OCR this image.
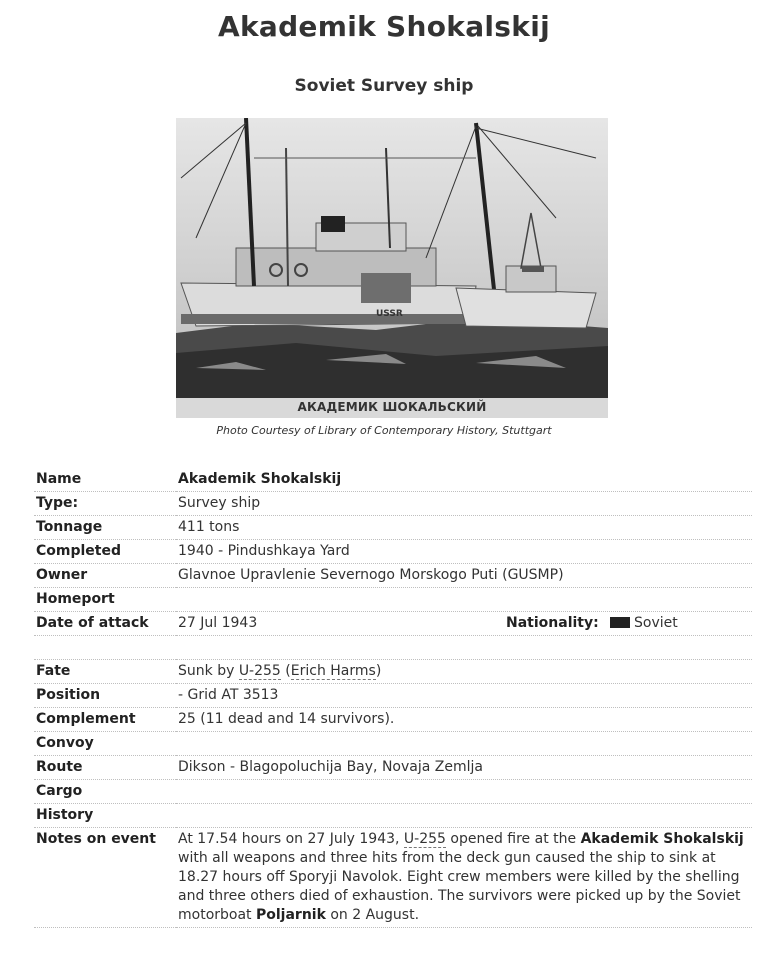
Akademik Shokalskij
Soviet Survey ship
USSR
АКАДЕМИК ШОКАЛЬСКИЙ
Photo Courtesy of Library of Contemporary History, Stuttgart
Name	Akademik Shokalskij
Type:	Survey ship
Tonnage	411 tons
Completed	1940 - Pindushkaya Yard
Owner	Glavnoe Upravlenie Severnogo Morskogo Puti (GUSMP)
Homeport	
Date of attack	27 Jul 1943 Nationality: Soviet

Fate	Sunk by U-255 (Erich Harms)
Position	- Grid AT 3513
Complement	25 (11 dead and 14 survivors).
Convoy	
Route	Dikson - Blagopoluchija Bay, Novaja Zemlja
Cargo	
History	
Notes on event	At 17.54 hours on 27 July 1943, U-255 opened fire at the Akademik Shokalskij with all weapons and three hits from the deck gun caused the ship to sink at 18.27 hours off Sporyji Navolok. Eight crew members were killed by the shelling and three others died of exhaustion. The survivors were picked up by the Soviet motorboat Poljarnik on 2 August.
